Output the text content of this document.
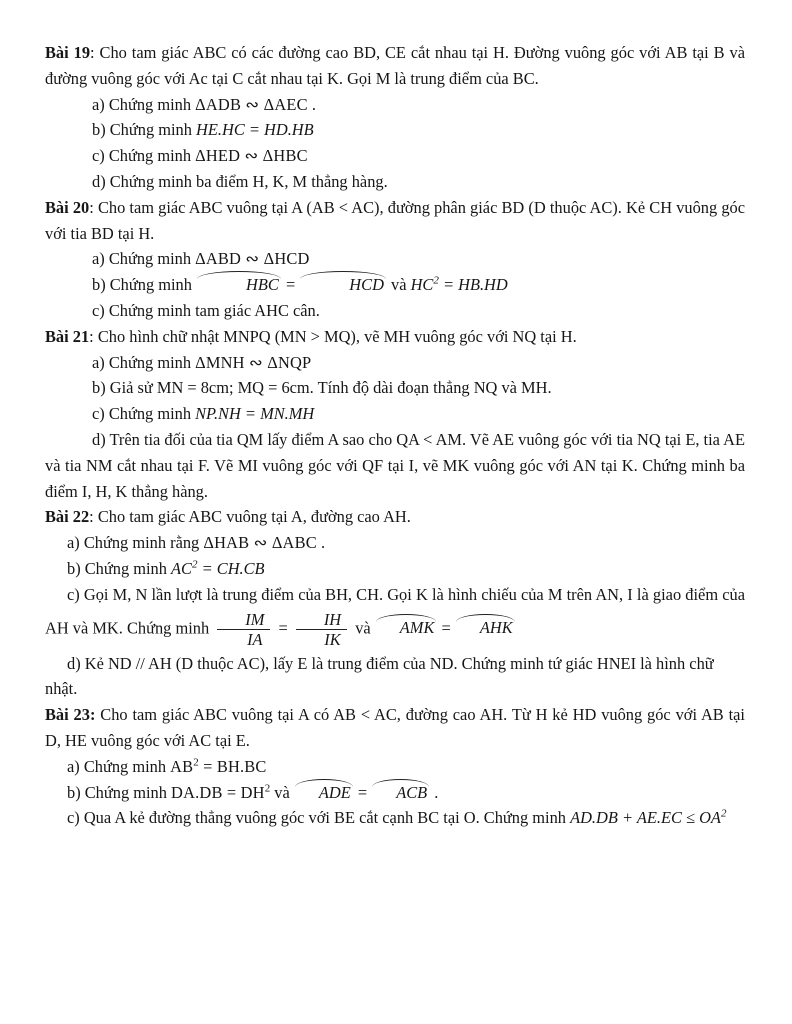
Bài 19: Cho tam giác ABC có các đường cao BD, CE cắt nhau tại H. Đường vuông góc với AB tại B và đường vuông góc với Ac tại C cắt nhau tại K. Gọi M là trung điểm của BC.

a) Chứng minh ΔADB ∾ ΔAEC .

b) Chứng minh HE.HC = HD.HB

c) Chứng minh ΔHED ∾ ΔHBC

d) Chứng minh ba điểm H, K, M thẳng hàng.

Bài 20: Cho tam giác ABC vuông tại A (AB < AC), đường phân giác BD (D thuộc AC). Kẻ CH vuông góc với tia BD tại H.

a) Chứng minh ΔABD ∾ ΔHCD

b) Chứng minh	HBC =	HCD và $HC^2 = HB.HD$

c) Chứng minh tam giác AHC cân.

Bài 21: Cho hình chữ nhật MNPQ (MN > MQ), vẽ MH vuông góc với NQ tại H.

a) Chứng minh ΔMNH ∾ ΔNQP

b) Giả sử MN = 8cm; MQ = 6cm. Tính độ dài đoạn thẳng NQ và MH.

c) Chứng minh NP.NH = MN.MH

d) Trên tia đối của tia QM lấy điểm A sao cho QA < AM. Vẽ AE vuông góc với tia NQ tại E, tia AE và tia NM cắt nhau tại F. Vẽ MI vuông góc với QF tại I, vẽ MK vuông góc với AN tại K. Chứng minh ba điểm I, H, K thẳng hàng.

Bài 22: Cho tam giác ABC vuông tại A, đường cao AH.

a) Chứng minh rằng ΔHAB ∾ ΔABC .

b) Chứng minh $AC^2 = CH.CB$

c) Gọi M, N lần lượt là trung điểm của BH, CH. Gọi K là hình chiếu của M trên AN, I là giao điểm của AH và MK. Chứng minh $\frac{IM}{IA} = \frac{IH}{IK}$ và AMK = AHK

d) Kẻ ND // AH (D thuộc AC), lấy E là trung điểm của ND. Chứng minh tứ giác HNEI là hình chữ nhật.

Bài 23: Cho tam giác ABC vuông tại A có AB < AC, đường cao AH. Từ H kẻ HD vuông góc với AB tại D, HE vuông góc với AC tại E.

a) Chứng minh $AB^2 = BH.BC$

b) Chứng minh $DA.DB = DH^2$ và ADE = ACB .

c) Qua A kẻ đường thẳng vuông góc với BE cắt cạnh BC tại O. Chứng minh $AD.DB + AE.EC \le OA^2$
